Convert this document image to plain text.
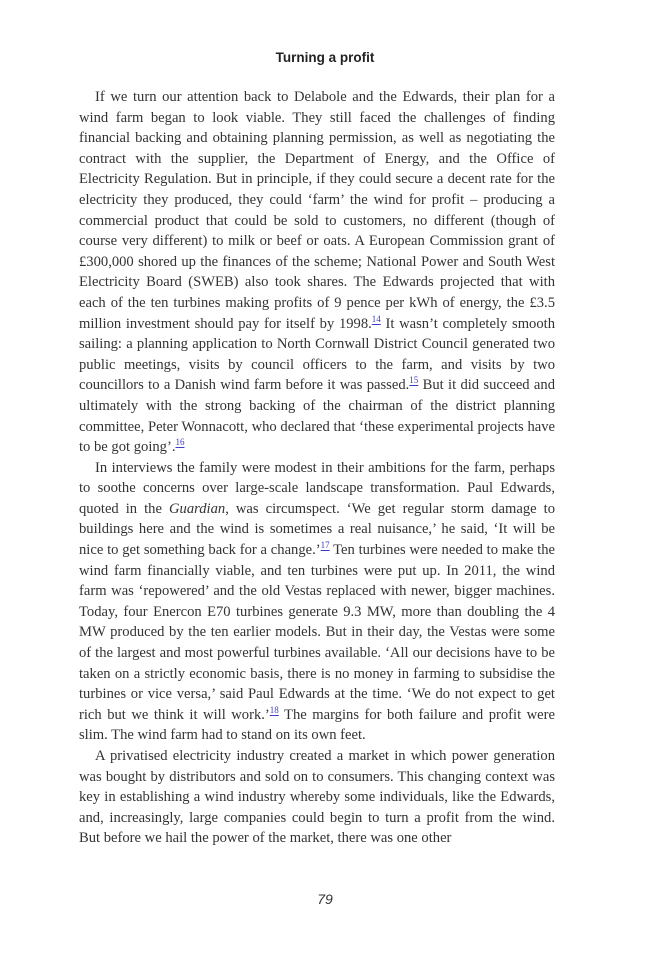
Turning a profit

If we turn our attention back to Delabole and the Edwards, their plan for a wind farm began to look viable. They still faced the challenges of finding financial backing and obtaining planning permission, as well as negotiating the contract with the supplier, the Department of Energy, and the Office of Electricity Regulation. But in principle, if they could secure a decent rate for the electricity they produced, they could ‘farm’ the wind for profit – producing a commercial product that could be sold to customers, no different (though of course very different) to milk or beef or oats. A European Commission grant of £300,000 shored up the finances of the scheme; National Power and South West Electricity Board (SWEB) also took shares. The Edwards projected that with each of the ten turbines making profits of 9 pence per kWh of energy, the £3.5 million investment should pay for itself by 1998.14 It wasn’t completely smooth sailing: a planning application to North Cornwall District Council generated two public meetings, visits by council officers to the farm, and visits by two councillors to a Danish wind farm before it was passed.$^{15}$ But it did succeed and ultimately with the strong backing of the chairman of the district planning committee, Peter Wonnacott, who declared that ‘these experimental projects have to be got going’.$^{16}$

In interviews the family were modest in their ambitions for the farm, perhaps to soothe concerns over large-scale landscape transformation. Paul Edwards, quoted in the Guardian, was circumspect. ‘We get regular storm damage to buildings here and the wind is sometimes a real nuisance,’ he said, ‘It will be nice to get something back for a change.’$^{17}$ Ten turbines were needed to make the wind farm financially viable, and ten turbines were put up. In 2011, the wind farm was ‘repowered’ and the old Vestas replaced with newer, bigger machines. Today, four Enercon E70 turbines generate 9.3 MW, more than doubling the 4 MW produced by the ten earlier models. But in their day, the Vestas were some of the largest and most powerful turbines available. ‘All our decisions have to be taken on a strictly economic basis, there is no money in farming to subsidise the turbines or vice versa,’ said Paul Edwards at the time. ‘We do not expect to get rich but we think it will work.’$^{18}$ The margins for both failure and profit were slim. The wind farm had to stand on its own feet.

A privatised electricity industry created a market in which power generation was bought by distributors and sold on to consumers. This changing context was key in establishing a wind industry whereby some individuals, like the Edwards, and, increasingly, large companies could begin to turn a profit from the wind. But before we hail the power of the market, there was one other

79
